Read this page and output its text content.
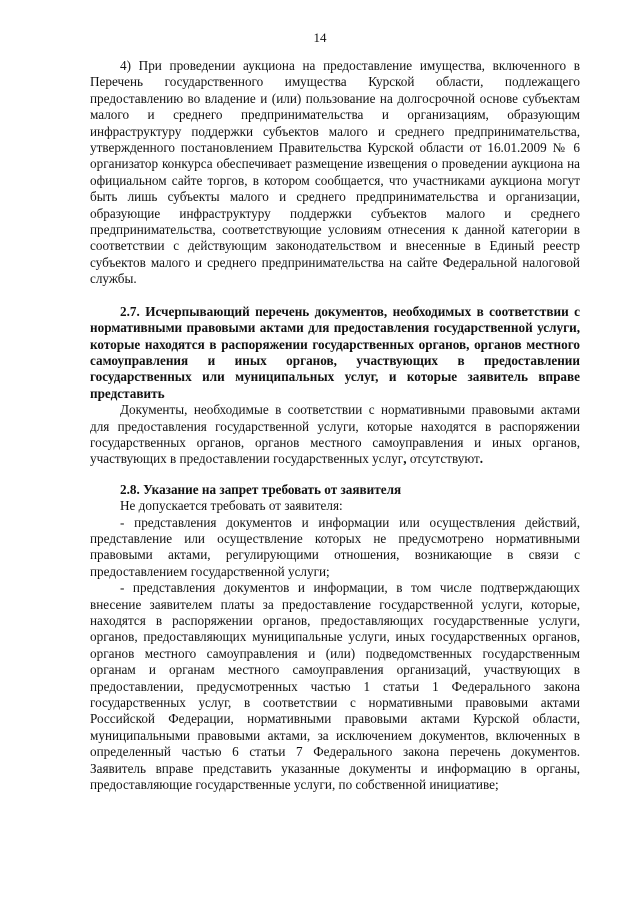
14

4) При проведении аукциона на предоставление имущества, включенного в Перечень государственного имущества Курской области, подлежащего предоставлению во владение и (или) пользование на долгосрочной основе субъектам малого и среднего предпринимательства и организациям, образующим инфраструктуру поддержки субъектов малого и среднего предпринимательства, утвержденного постановлением Правительства Курской области от 16.01.2009 № 6 организатор конкурса обеспечивает размещение извещения о проведении аукциона на официальном сайте торгов, в котором сообщается, что участниками аукциона могут быть лишь субъекты малого и среднего предпринимательства и организации, образующие инфраструктуру поддержки субъектов малого и среднего предпринимательства, соответствующие условиям отнесения к данной категории в соответствии с действующим законодательством и внесенные в Единый реестр субъектов малого и среднего предпринимательства на сайте Федеральной налоговой службы.

2.7. Исчерпывающий перечень документов, необходимых в соответствии с нормативными правовыми актами для предоставления государственной услуги, которые находятся в распоряжении государственных органов, органов местного самоуправления и иных органов, участвующих в предоставлении государственных или муниципальных услуг, и которые заявитель вправе представить

Документы, необходимые в соответствии с нормативными правовыми актами для предоставления государственной услуги, которые находятся в распоряжении государственных органов, органов местного самоуправления и иных органов, участвующих в предоставлении государственных услуг, отсутствуют.

2.8. Указание на запрет требовать от заявителя

Не допускается требовать от заявителя:

- представления документов и информации или осуществления действий, представление или осуществление которых не предусмотрено нормативными правовыми актами, регулирующими отношения, возникающие в связи с предоставлением государственной услуги;

- представления документов и информации, в том числе подтверждающих внесение заявителем платы за предоставление государственной услуги, которые, находятся в распоряжении органов, предоставляющих государственные услуги, органов, предоставляющих муниципальные услуги, иных государственных органов, органов местного самоуправления и (или) подведомственных государственным органам и органам местного самоуправления организаций, участвующих в предоставлении, предусмотренных частью 1 статьи 1 Федерального закона государственных услуг, в соответствии с нормативными правовыми актами Российской Федерации, нормативными правовыми актами Курской области, муниципальными правовыми актами, за исключением документов, включенных в определенный частью 6 статьи 7 Федерального закона перечень документов. Заявитель вправе представить указанные документы и информацию в органы, предоставляющие государственные услуги, по собственной инициативе;
